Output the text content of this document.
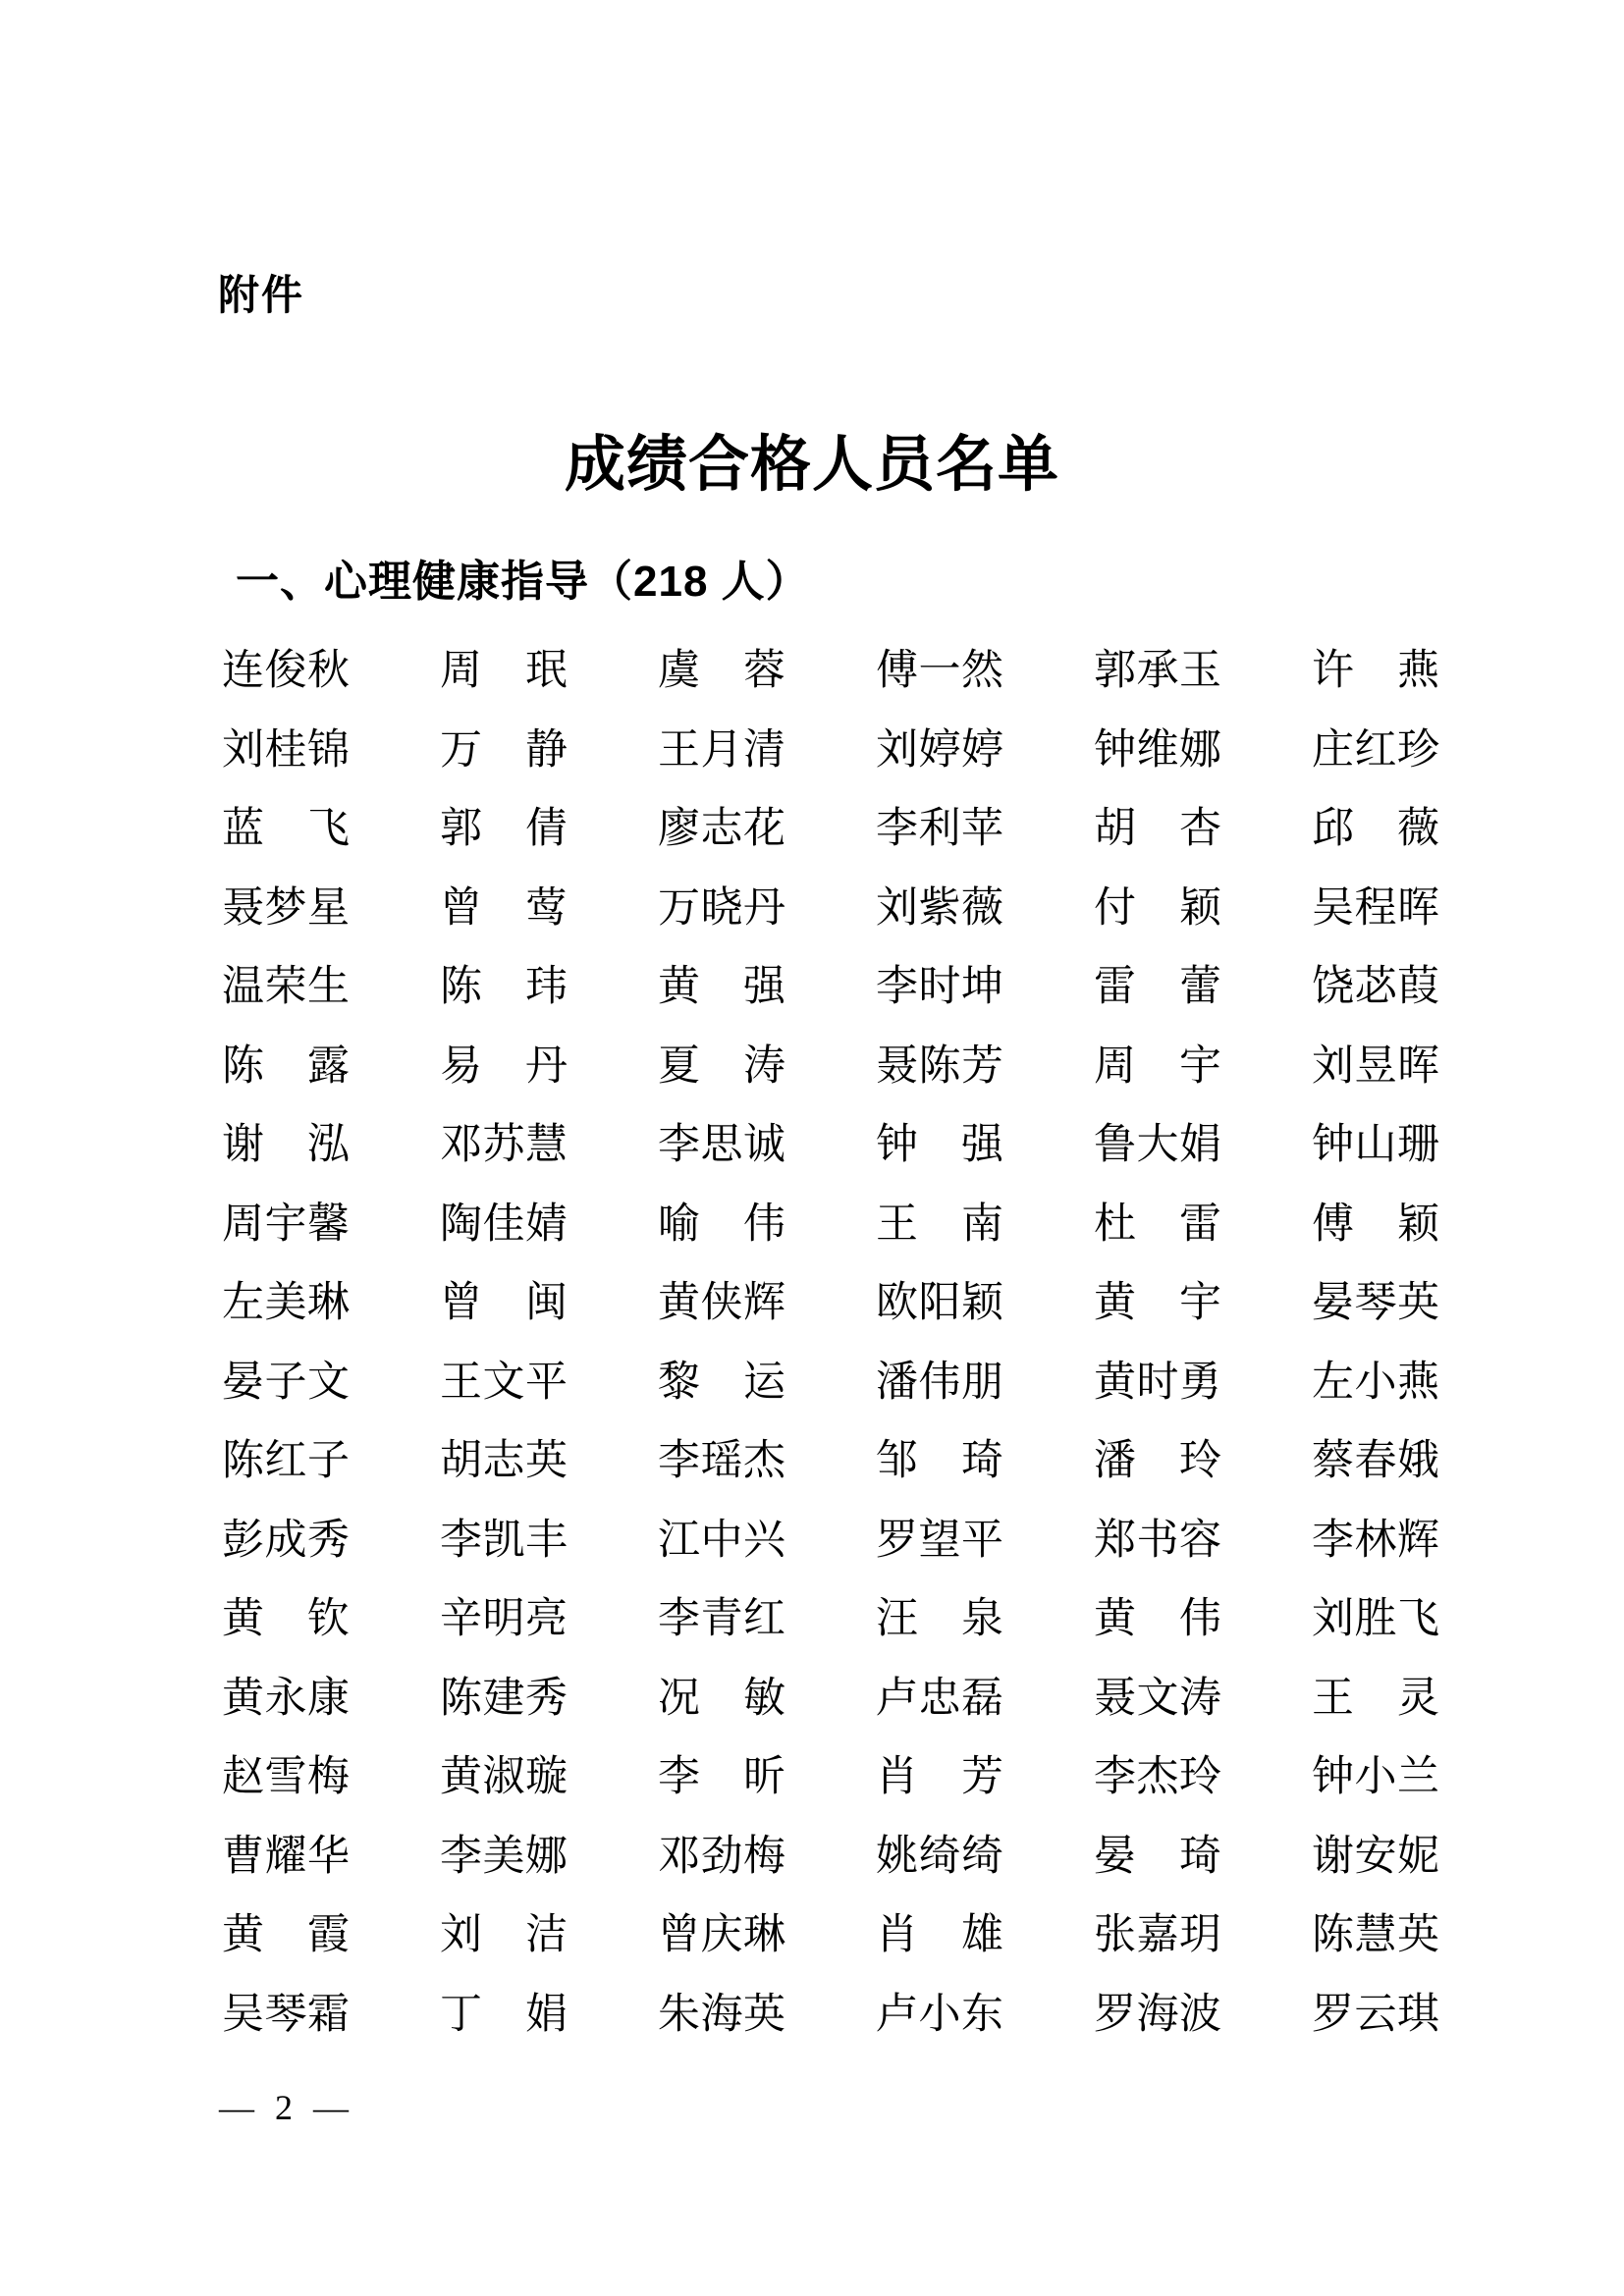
附件
成绩合格人员名单
一、心理健康指导（218 人）
连俊秋 周珉 虞蓉 傅一然 郭承玉 许燕
刘桂锦 万静 王月清 刘婷婷 钟维娜 庄红珍
蓝飞 郭倩 廖志花 李利苹 胡杏 邱薇
聂梦星 曾莺 万晓丹 刘紫薇 付颖 吴程晖
温荣生 陈玮 黄强 李时坤 雷蕾 饶苾葭
陈露 易丹 夏涛 聂陈芳 周宇 刘昱晖
谢泓 邓苏慧 李思诚 钟强 鲁大娟 钟山珊
周宇馨 陶佳婧 喻伟 王南 杜雷 傅颖
左美琳 曾闽 黄侠辉 欧阳颖 黄宇 晏琴英
晏子文 王文平 黎运 潘伟朋 黄时勇 左小燕
陈红子 胡志英 李瑶杰 邹琦 潘玲 蔡春娥
彭成秀 李凯丰 江中兴 罗望平 郑书容 李林辉
黄钦 辛明亮 李青红 汪泉 黄伟 刘胜飞
黄永康 陈建秀 况敏 卢忠磊 聂文涛 王灵
赵雪梅 黄淑璇 李昕 肖芳 李杰玲 钟小兰
曹耀华 李美娜 邓劲梅 姚绮绮 晏琦 谢安妮
黄霞 刘洁 曾庆琳 肖雄 张嘉玥 陈慧英
吴琴霜 丁娟 朱海英 卢小东 罗海波 罗云琪
— 2 —
